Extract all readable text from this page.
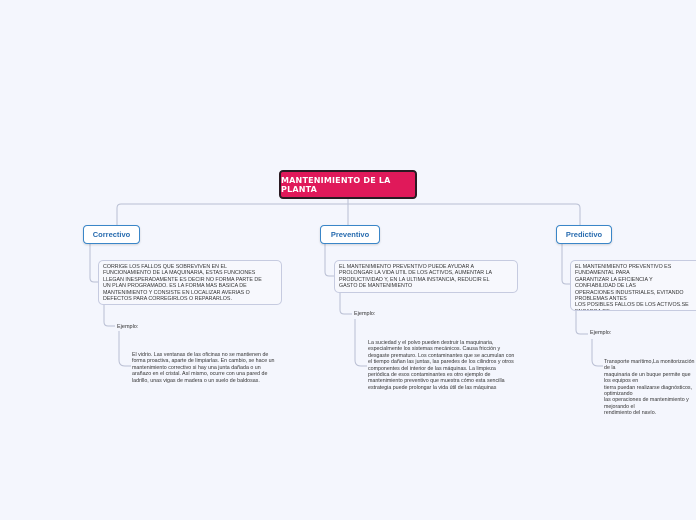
MANTENIMIENTO DE LA PLANTA
Correctivo
CORRIGE LOS FALLOS QUE SOBREVIVEN EN EL
FUNCIONAMIENTO DE LA MAQUINARIA, ESTAS FUNCIONES
LLEGAN INESPERADAMENTE ES DECIR NO FORMA PARTE DE
UN PLAN PROGRAMADO. ES LA FORMA MAS BASICA DE
MANTENIMIENTO Y CONSISTE EN LOCALIZAR AVERIAS O
DEFECTOS PARA CORREGIRLOS O REPARARLOS.
Ejemplo:
El vidrio. Las ventanas de las oficinas no se mantienen de
forma proactiva, aparte de limpiarlas. En cambio, se hace un
mantenimiento correctivo si hay una junta dañada o un
arañazo en el cristal. Así mismo, ocurre con una pared de
ladrillo, unas vigas de madera o un suelo de baldosas.
Preventivo
EL MANTENIMIENTO PREVENTIVO PUEDE AYUDAR A
PROLONGAR LA VIDA UTIL DE LOS ACTIVOS, AUMENTAR LA
PRODUCTIVIDAD Y, EN LA ULTIMA INSTANCIA, REDUCIR EL
GASTO DE MANTENIMIENTO
Ejemplo:
La suciedad y el polvo pueden destruir la maquinaria,
especialmente los sistemas mecánicos. Causa fricción y
desgaste prematuro. Los contaminantes que se acumulan con
el tiempo dañan las juntas, las paredes de los cilindros y otros
componentes del interior de las máquinas. La limpieza
periódica de esos contaminantes es otro ejemplo de
mantenimiento preventivo que muestra cómo esta sencilla
estrategia puede prolongar la vida útil de las máquinas
Predictivo
EL MANTENIMIENTO PREVENTIVO ES FUNDAMENTAL PARA
GARANTIZAR LA EFICIENCIA Y CONFIABILIDAD DE LAS
OPERACIONES INDUSTRIALES, EVITANDO PROBLEMAS ANTES
LOS POSIBLES FALLOS DE LOS ACTIVOS.SE

Ejemplo:
Transporte marítimo,La monitorización de la
maquinaria de un buque permite que los equipos en
tierra puedan realizarse diagnósticos, optimizando
las operaciones de mantenimiento y mejorando el
rendimiento del navío.
